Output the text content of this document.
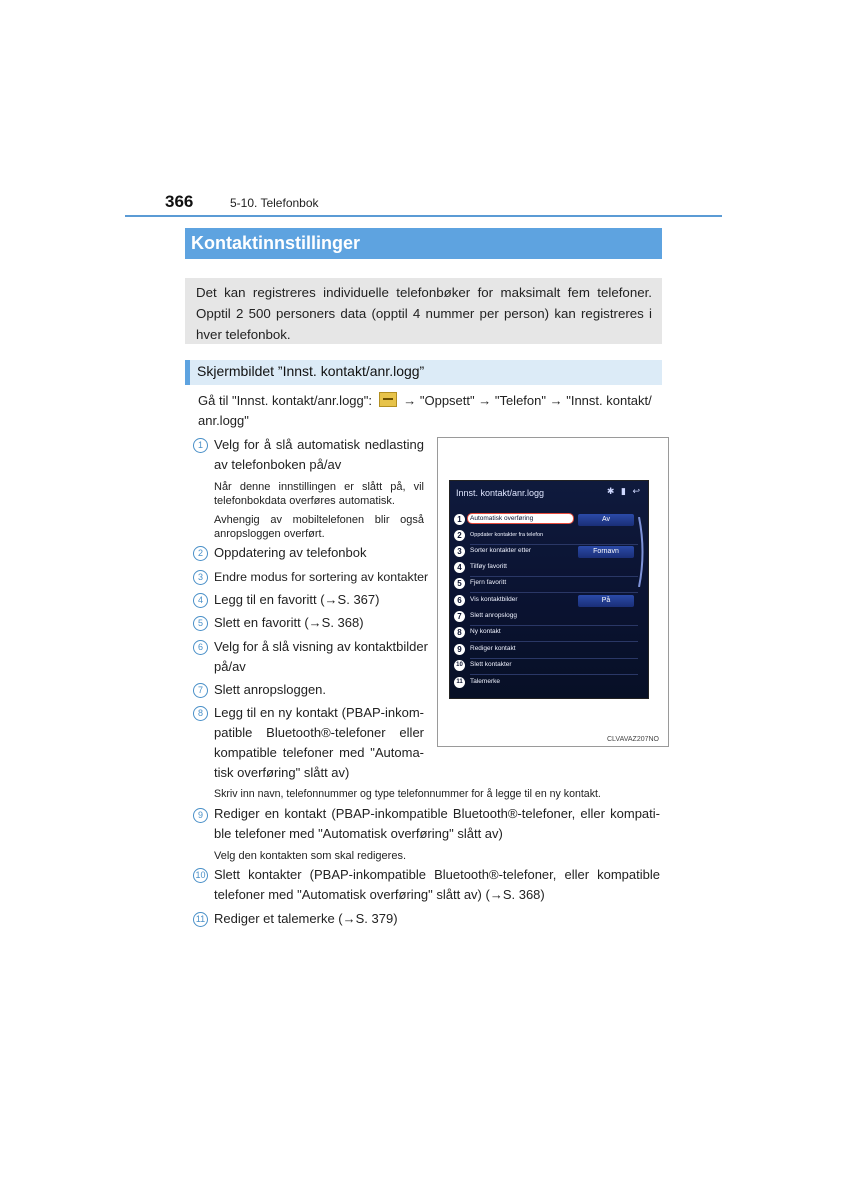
366	5-10. Telefonbok
Kontaktinnstillinger
Det kan registreres individuelle telefonbøker for maksimalt fem telefoner. Opptil 2 500 personers data (opptil 4 nummer per person) kan registreres i hver telefonbok.
Skjermbildet ”Innst. kontakt/anr.logg”
Gå til "Innst. kontakt/anr.logg": → "Oppsett" → "Telefon" → "Innst. kontakt/ anr.logg"
1 Velg for å slå automatisk nedlasting av telefonboken på/av
Når denne innstillingen er slått på, vil telefonbokdata overføres automatisk.
Avhengig av mobiltelefonen blir også anropsloggen overført.
2 Oppdatering av telefonbok
3 Endre modus for sortering av kontakter
4 Legg til en favoritt (→S. 367)
5 Slett en favoritt (→S. 368)
6 Velg for å slå visning av kontaktbilder på/av
7 Slett anropsloggen.
8 Legg til en ny kontakt (PBAP-inkom-patible Bluetooth®-telefoner eller kompatible telefoner med "Automa-tisk overføring" slått av)
Innst. kontakt/anr.logg	✱ ▮ ↩
1	Automatisk overføring	Av
2	Oppdater kontakter fra telefon
3	Sorter kontakter etter	Fornavn
4	Tilføy favoritt
5	Fjern favoritt
6	Vis kontaktbilder	På
7	Slett anropslogg
8	Ny kontakt
9	Rediger kontakt
10	Slett kontakter
11	Talemerke
CLVAVAZ207NO
Skriv inn navn, telefonnummer og type telefonnummer for å legge til en ny kontakt.
9 Rediger en kontakt (PBAP-inkompatible Bluetooth®-telefoner, eller kompati-ble telefoner med "Automatisk overføring" slått av)
Velg den kontakten som skal redigeres.
10 Slett kontakter (PBAP-inkompatible Bluetooth®-telefoner, eller kompatible telefoner med "Automatisk overføring" slått av) (→S. 368)
11 Rediger et talemerke (→S. 379)
